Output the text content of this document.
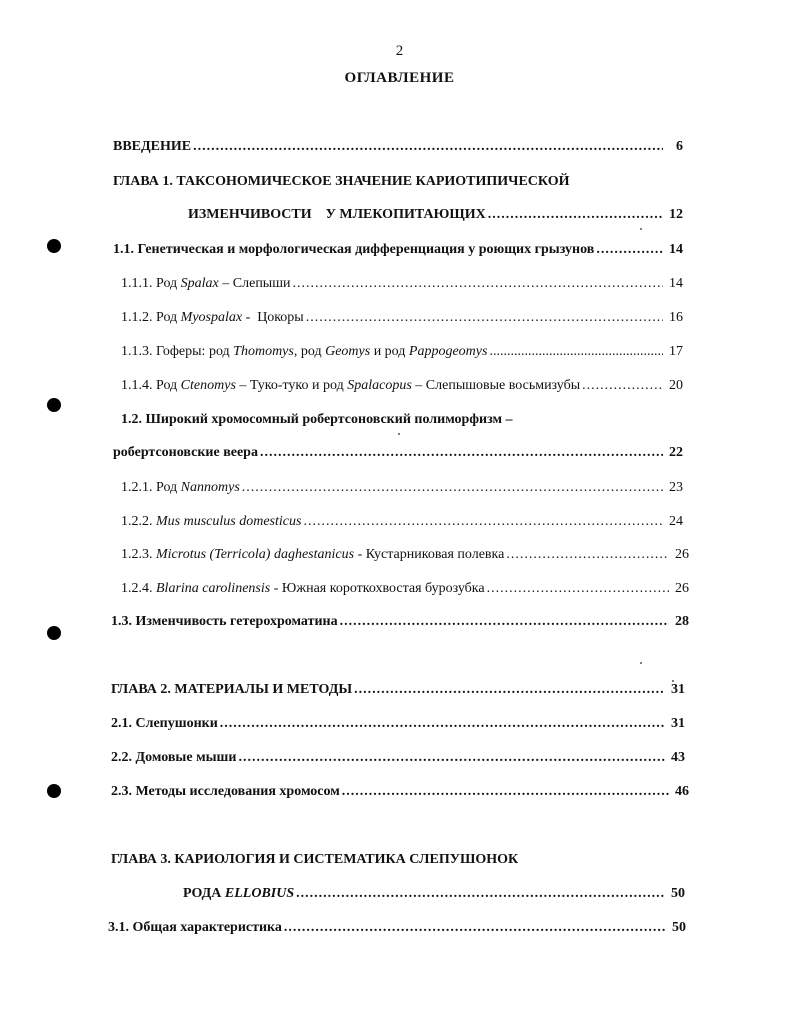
2
ОГЛАВЛЕНИЕ
ВВЕДЕНИЕ .....	6
ГЛАВА 1. ТАКСОНОМИЧЕСКОЕ ЗНАЧЕНИЕ КАРИОТИПИЧЕСКОЙ
ИЗМЕНЧИВОСТИ    У МЛЕКОПИТАЮЩИХ .....	12
1.1. Генетическая и морфологическая дифференциация у роющих грызунов .....	14
1.1.1. Род Spalax – Слепыши .....	14
1.1.2. Род Myospalax -  Цокоры .....	16
1.1.3. Гоферы: род Thomomys, род Geomys и род Pappogeomys .....	17
1.1.4. Род Ctenomys – Туко-туко и род Spalacopus – Слепышовые восьмизубы .....	20
1.2. Широкий хромосомный робертсоновский полиморфизм –
робертсоновские веера .....	22
1.2.1. Род Nannomys .....	23
1.2.2. Mus musculus domesticus .....	24
1.2.3. Microtus (Terricola) daghestanicus - Кустарниковая полевка .....	26
1.2.4. Blarina carolinensis - Южная короткохвостая бурозубка .....	26
1.3. Изменчивость гетерохроматина .....	28
ГЛАВА 2. МАТЕРИАЛЫ И МЕТОДЫ .....	31
2.1. Слепушонки .....	31
2.2. Домовые мыши .....	43
2.3. Методы исследования хромосом .....	46
ГЛАВА 3. КАРИОЛОГИЯ И СИСТЕМАТИКА СЛЕПУШОНОК
РОДА ELLOBIUS .....	50
3.1. Общая характеристика .....	50
